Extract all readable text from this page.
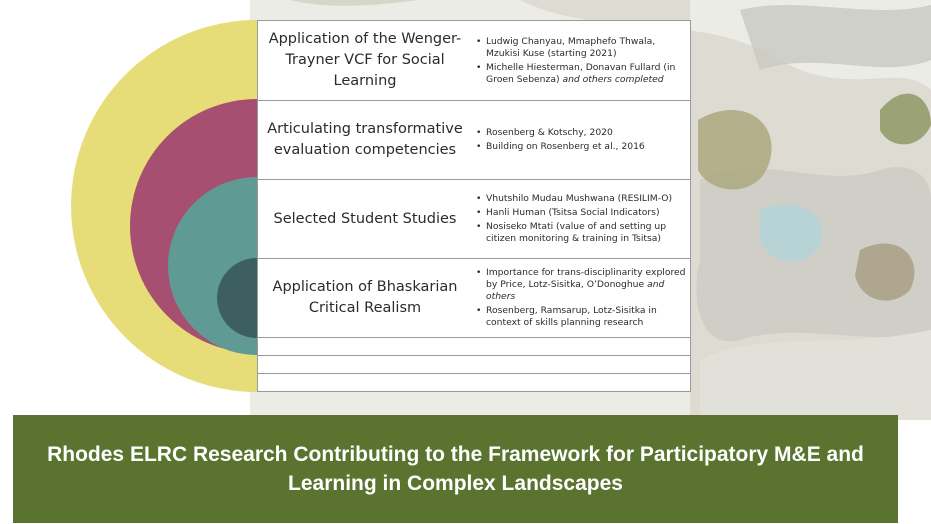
Application of the Wenger-Trayner VCF for Social Learning
• Ludwig Chanyau, Mmaphefo Thwala, Mzukisi Kuse (starting 2021)
• Michelle Hiesterman, Donavan Fullard (in Groen Sebenza) and others completed
Articulating transformative evaluation competencies
• Rosenberg & Kotschy, 2020
• Building on Rosenberg et al., 2016
Selected Student Studies
• Vhutshilo Mudau Mushwana (RESILIM-O)
• Hanli Human (Tsitsa Social Indicators)
• Nosiseko Mtati (value of and setting up citizen monitoring & training in Tsitsa)
Application of Bhaskarian Critical Realism
• Importance for trans-disciplinarity explored by Price, Lotz-Sisitka, O’Donoghue and others
• Rosenberg, Ramsarup, Lotz-Sisitka in context of skills planning research
Rhodes ELRC Research Contributing to the Framework for Participatory M&E and Learning in Complex Landscapes
